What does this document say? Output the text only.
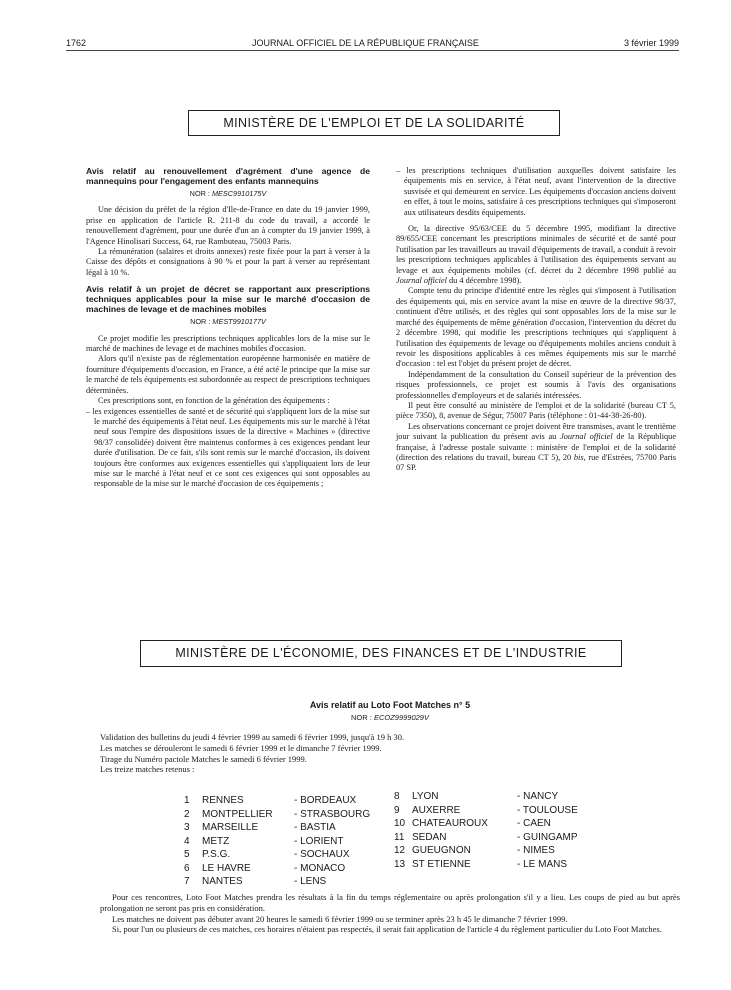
1762	JOURNAL OFFICIEL DE LA RÉPUBLIQUE FRANÇAISE	3 février 1999
MINISTÈRE DE L'EMPLOI ET DE LA SOLIDARITÉ

Avis relatif au renouvellement d'agrément d'une agence de mannequins pour l'engagement des enfants mannequins

NOR : MESC9910175V

Une décision du préfet de la région d'Ile-de-France en date du 19 janvier 1999, prise en application de l'article R. 211-8 du code du travail, a accordé le renouvellement d'agrément, pour une durée d'un an à compter du 19 janvier 1999, à l'Agence Hinolisari Success, 64, rue Rambuteau, 75003 Paris.

La rémunération (salaires et droits annexes) reste fixée pour la part à verser à la Caisse des dépôts et consignations à 90 % et pour la part à verser au représentant légal à 10 %.

Avis relatif à un projet de décret se rapportant aux prescriptions techniques applicables pour la mise sur le marché d'occasion de machines de levage et de machines mobiles

NOR : MEST9910177V

Ce projet modifie les prescriptions techniques applicables lors de la mise sur le marché de machines de levage et de machines mobiles d'occasion.

Alors qu'il n'existe pas de réglementation européenne harmonisée en matière de fourniture d'équipements d'occasion, en France, a été acté le principe que la mise sur le marché de tels équipements est subordonnée au respect de prescriptions techniques déterminées.

Ces prescriptions sont, en fonction de la génération des équipements :

– les exigences essentielles de santé et de sécurité qui s'appliquent lors de la mise sur le marché des équipements à l'état neuf. Les équipements mis sur le marché à l'état neuf sous l'empire des dispositions issues de la directive « Machines » (directive 98/37 consolidée) doivent être maintenus conformes à ces exigences pendant leur durée d'utilisation. De ce fait, s'ils sont remis sur le marché d'occasion, ils doivent toujours être conformes aux exigences essentielles qui s'appliquaient lors de leur mise sur le marché à l'état neuf et ce sont ces exigences qui sont opposables au responsable de la mise sur le marché d'occasion de ces équipements ;

– les prescriptions techniques d'utilisation auxquelles doivent satisfaire les équipements mis en service, à l'état neuf, avant l'intervention de la directive susvisée et qui demeurent en service. Les équipements d'occasion anciens doivent en effet, à tout le moins, satisfaire à ces prescriptions techniques qui s'imposeront aux utilisateurs desdits équipements.

Or, la directive 95/63/CEE du 5 décembre 1995, modifiant la directive 89/655/CEE concernant les prescriptions minimales de sécurité et de santé pour l'utilisation par les travailleurs au travail d'équipements de travail, a conduit à revoir les prescriptions techniques applicables à l'utilisation des équipements servant au levage et aux équipements mobiles (cf. décret du 2 décembre 1998 publié au Journal officiel du 4 décembre 1998).

Compte tenu du principe d'identité entre les règles qui s'imposent à l'utilisation des équipements qui, mis en service avant la mise en œuvre de la directive 98/37, continuent d'être utilisés, et des règles qui sont opposables lors de la mise sur le marché des équipements de même génération d'occasion, l'intervention du décret du 2 décembre 1998, qui modifie les prescriptions techniques qui s'appliquent à l'utilisation des équipements de levage ou d'équipements mobiles anciens conduit à revoir les dispositions applicables à ces mêmes équipements mis sur le marché d'occasion : tel est l'objet du présent projet de décret.

Indépendamment de la consultation du Conseil supérieur de la prévention des risques professionnels, ce projet est soumis à l'avis des organisations professionnelles d'employeurs et de salariés intéressées.

Il peut être consulté au ministère de l'emploi et de la solidarité (bureau CT 5, pièce 7350), 8, avenue de Ségur, 75007 Paris (téléphone : 01-44-38-26-80).

Les observations concernant ce projet doivent être transmises, avant le trentième jour suivant la publication du présent avis au Journal officiel de la République française, à l'adresse postale suivante : ministère de l'emploi et de la solidarité (direction des relations du travail, bureau CT 5), 20 bis, rue d'Estrées, 75700 Paris 07 SP.

MINISTÈRE DE L'ÉCONOMIE, DES FINANCES ET DE L'INDUSTRIE

Avis relatif au Loto Foot Matches n° 5

NOR : ECOZ9999029V

Validation des bulletins du jeudi 4 février 1999 au samedi 6 février 1999, jusqu'à 19 h 30.

Les matches se dérouleront le samedi 6 février 1999 et le dimanche 7 février 1999.

Tirage du Numéro pactole Matches le samedi 6 février 1999.

Les treize matches retenus :

1 RENNES	- BORDEAUX
2 MONTPELLIER - STRASBOURG
3 MARSEILLE	- BASTIA
4 METZ	- LORIENT
5 P.S.G.	- SOCHAUX
6 LE HAVRE	- MONACO
7 NANTES	- LENS
8 LYON	- NANCY
9 AUXERRE	- TOULOUSE
10 CHATEAUROUX	- CAEN
11 SEDAN	- GUINGAMP
12 GUEUGNON	- NIMES
13 ST ETIENNE	- LE MANS

Pour ces rencontres, Loto Foot Matches prendra les résultats à la fin du temps réglementaire ou après prolongation s'il y a lieu. Les coups de pied au but après prolongation ne seront pas pris en considération.

Les matches ne doivent pas débuter avant 20 heures le samedi 6 février 1999 ou se terminer après 23 h 45 le dimanche 7 février 1999.

Si, pour l'un ou plusieurs de ces matches, ces horaires n'étaient pas respectés, il serait fait application de l'article 4 du règlement particulier du Loto Foot Matches.
